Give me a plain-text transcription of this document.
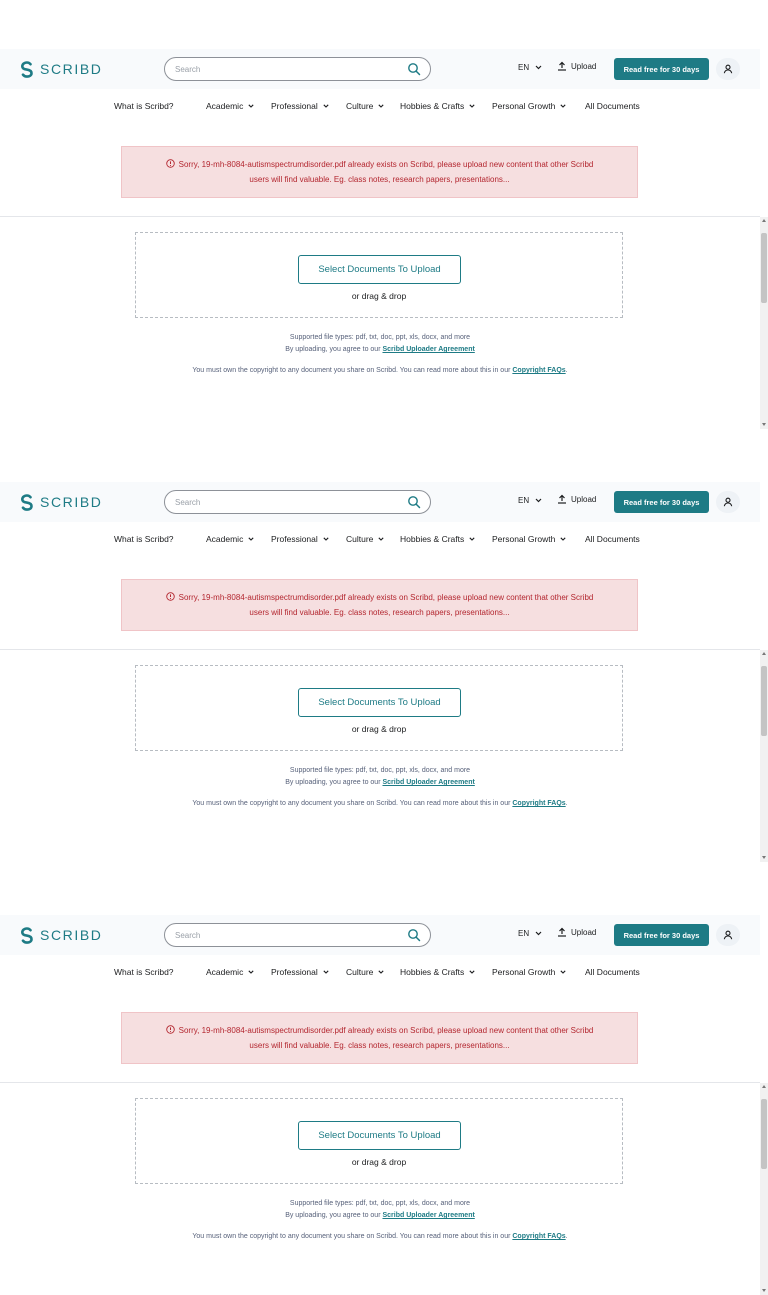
SCRIBD
Search	EN	Upload	Read free for 30 days
What is Scribd?	Academic	Professional	Culture	Hobbies & Crafts	Personal Growth	All Documents
Sorry, 19-mh-8084-autismspectrumdisorder.pdf already exists on Scribd, please upload new content that other Scribd
users will find valuable. Eg. class notes, research papers, presentations...
Select Documents To Upload
or drag & drop
Supported file types: pdf, txt, doc, ppt, xls, docx, and more
By uploading, you agree to our Scribd Uploader Agreement
You must own the copyright to any document you share on Scribd. You can read more about this in our Copyright FAQs.
SCRIBD
Search	EN	Upload	Read free for 30 days
What is Scribd?	Academic	Professional	Culture	Hobbies & Crafts	Personal Growth	All Documents
Sorry, 19-mh-8084-autismspectrumdisorder.pdf already exists on Scribd, please upload new content that other Scribd
users will find valuable. Eg. class notes, research papers, presentations...
Select Documents To Upload
or drag & drop
Supported file types: pdf, txt, doc, ppt, xls, docx, and more
By uploading, you agree to our Scribd Uploader Agreement
You must own the copyright to any document you share on Scribd. You can read more about this in our Copyright FAQs.
SCRIBD
Search	EN	Upload	Read free for 30 days
What is Scribd?	Academic	Professional	Culture	Hobbies & Crafts	Personal Growth	All Documents
Sorry, 19-mh-8084-autismspectrumdisorder.pdf already exists on Scribd, please upload new content that other Scribd
users will find valuable. Eg. class notes, research papers, presentations...
Select Documents To Upload
or drag & drop
Supported file types: pdf, txt, doc, ppt, xls, docx, and more
By uploading, you agree to our Scribd Uploader Agreement
You must own the copyright to any document you share on Scribd. You can read more about this in our Copyright FAQs.
